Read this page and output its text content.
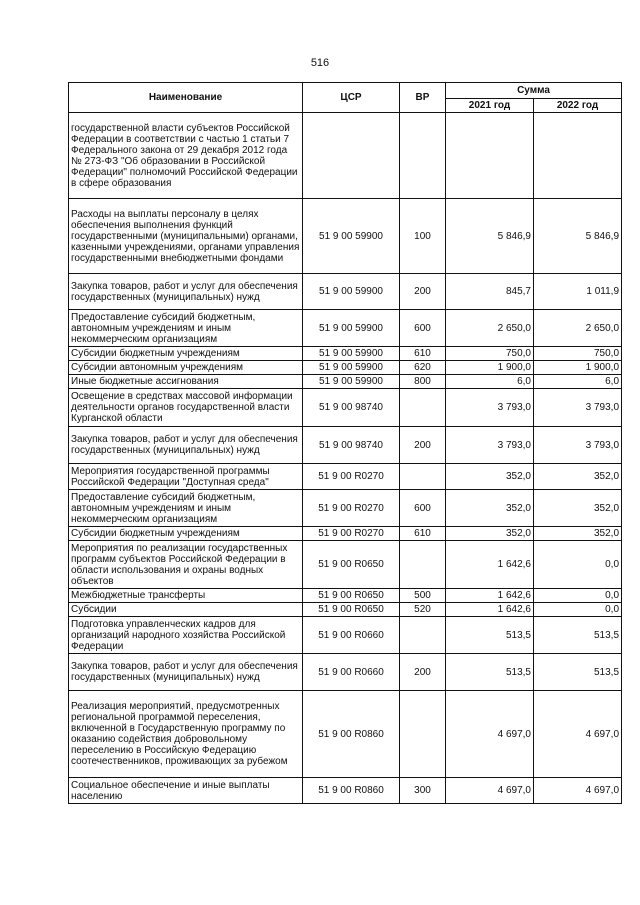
516
Наименование	ЦСР	ВР	Сумма	
			2021 год	2022 год
государственной власти субъектов Российской Федерации в соответствии с частью 1 статьи 7 Федерального закона от 29 декабря 2012 года № 273-ФЗ "Об образовании в Российской Федерации" полномочий Российской Федерации в сфере образования				
Расходы на выплаты персоналу в целях обеспечения выполнения функций государственными (муниципальными) органами, казенными учреждениями, органами управления государственными внебюджетными фондами	51 9 00 59900	100	5 846,9	5 846,9
Закупка товаров, работ и услуг для обеспечения государственных (муниципальных) нужд	51 9 00 59900	200	845,7	1 011,9
Предоставление субсидий бюджетным, автономным учреждениям и иным некоммерческим организациям	51 9 00 59900	600	2 650,0	2 650,0
Субсидии бюджетным учреждениям	51 9 00 59900	610	750,0	750,0
Субсидии автономным учреждениям	51 9 00 59900	620	1 900,0	1 900,0
Иные бюджетные ассигнования	51 9 00 59900	800	6,0	6,0
Освещение в средствах массовой информации деятельности органов государственной власти Курганской области	51 9 00 98740		3 793,0	3 793,0
Закупка товаров, работ и услуг для обеспечения государственных (муниципальных) нужд	51 9 00 98740	200	3 793,0	3 793,0
Мероприятия государственной программы Российской Федерации "Доступная среда"	51 9 00 R0270		352,0	352,0
Предоставление субсидий бюджетным, автономным учреждениям и иным некоммерческим организациям	51 9 00 R0270	600	352,0	352,0
Субсидии бюджетным учреждениям	51 9 00 R0270	610	352,0	352,0
Мероприятия по реализации государственных программ субъектов Российской Федерации в области использования и охраны водных объектов	51 9 00 R0650		1 642,6	0,0
Межбюджетные трансферты	51 9 00 R0650	500	1 642,6	0,0
Субсидии	51 9 00 R0650	520	1 642,6	0,0
Подготовка управленческих кадров для организаций народного хозяйства Российской Федерации	51 9 00 R0660		513,5	513,5
Закупка товаров, работ и услуг для обеспечения государственных (муниципальных) нужд	51 9 00 R0660	200	513,5	513,5
Реализация мероприятий, предусмотренных региональной программой переселения, включенной в Государственную программу по оказанию содействия добровольному переселению в Российскую Федерацию соотечественников, проживающих за рубежом	51 9 00 R0860		4 697,0	4 697,0
Социальное обеспечение и иные выплаты населению	51 9 00 R0860	300	4 697,0	4 697,0
